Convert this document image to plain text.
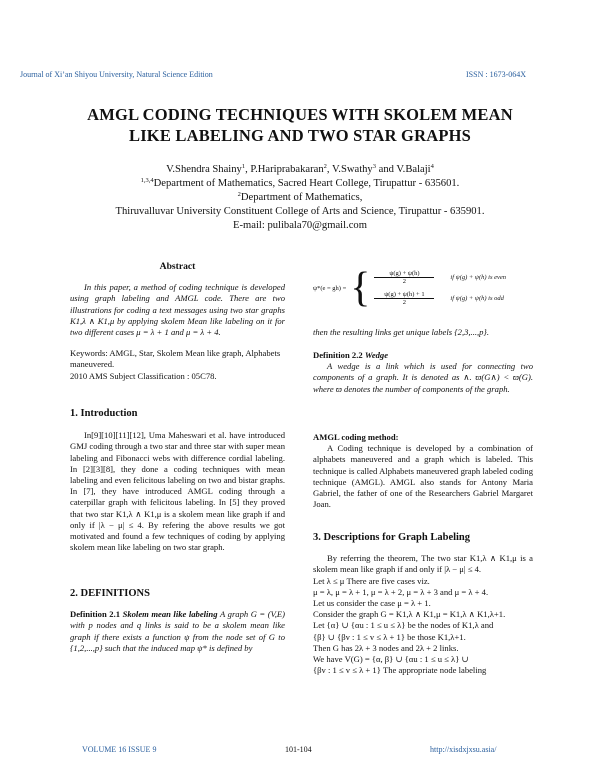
Journal of Xi’an Shiyou University, Natural Science Edition	ISSN : 1673-064X
AMGL CODING TECHNIQUES WITH SKOLEM MEAN
LIKE LABELING AND TWO STAR GRAPHS
V.Shendra Shainy$^1$, P.Hariprabakaran$^2$, V.Swathy$^3$ and V.Balaji$^4$
$^{1,3,4}$Department of Mathematics, Sacred Heart College, Tirupattur - 635601.
$^2$Department of Mathematics,
Thiruvalluvar University Constituent College of Arts and Science, Tirupattur - 635901.
E-mail: pulibala70@gmail.com
Abstract

In this paper, a method of coding technique is developed using graph labeling and AMGL code. There are two illustrations for coding a text messages using two star graphs K1,λ ∧ K1,μ by applying skolem Mean like labeling on it for two different cases μ = λ + 1 and μ = λ + 4.

Keywords: AMGL, Star, Skolem Mean like graph, Alphabets maneuvered.

2010 AMS Subject Classification : 05C78.

1. Introduction

In[9][10][11][12], Uma Maheswari et al. have introduced GMJ coding through a two star and three star with super mean labeling and Fibonacci webs with difference cordial labeling. In [2][3][8], they done a coding techniques with mean labeling and even felicitous labeling on two and bistar graphs. In [7], they have introduced AMGL coding through a caterpillar graph with felicitous labeling. In [5] they proved that two star K1,λ ∧ K1,μ is a skolem mean like graph if and only if |λ − μ| ≤ 4. By refering the above results we got motivated and found a few techniques of coding by applying skolem mean like labeling on two star graph.

2. DEFINITIONS

Definition 2.1 Skolem mean like labeling A graph G = (V,E) with p nodes and q links is said to be a skolem mean like graph if there exists a function ψ from the node set of G to {1,2,...,p} such that the induced map ψ* is defined by

ψ*(e = gh) = { $\frac{\psi(g) + \psi(h)}{2}$ if ψ(g) + ψ(h) is even
$\frac{\psi(g) + \psi(h) + 1}{2}$ if ψ(g) + ψ(h) is odd

then the resulting links get unique labels {2,3,...,p}.

Definition 2.2 Wedge

A wedge is a link which is used for connecting two components of a graph. It is denoted as ∧. ϖ(G∧) < ϖ(G). where ϖ denotes the number of components of the graph.

AMGL coding method:

A Coding technique is developed by a combination of alphabets maneuvered and a graph which is labeled. This technique is called Alphabets maneuvered graph labeled coding technique (AMGL). AMGL also stands for Antony Maria Gabriel, the father of one of the Researchers Gabriel Margaret Joan.

3. Descriptions for Graph Labeling

By referring the theorem, The two star K1,λ ∧ K1,μ is a skolem mean like graph if and only if |λ − μ| ≤ 4.

Let λ ≤ μ There are five cases viz.

μ = λ, μ = λ + 1, μ = λ + 2, μ = λ + 3 and μ = λ + 4.

Let us consider the case μ = λ + 1.

Consider the graph G = K1,λ ∧ K1,μ = K1,λ ∧ K1,λ+1.

Let {α} ∪ {αu : 1 ≤ u ≤ λ} be the nodes of K1,λ and

{β} ∪ {βv : 1 ≤ v ≤ λ + 1} be those K1,λ+1.

Then G has 2λ + 3 nodes and 2λ + 2 links.

We have V(G) = {α, β} ∪ {αu : 1 ≤ u ≤ λ} ∪

{βv : 1 ≤ v ≤ λ + 1} The appropriate node labeling

VOLUME 16 ISSUE 9	101-104	http://xisdxjxsu.asia/
